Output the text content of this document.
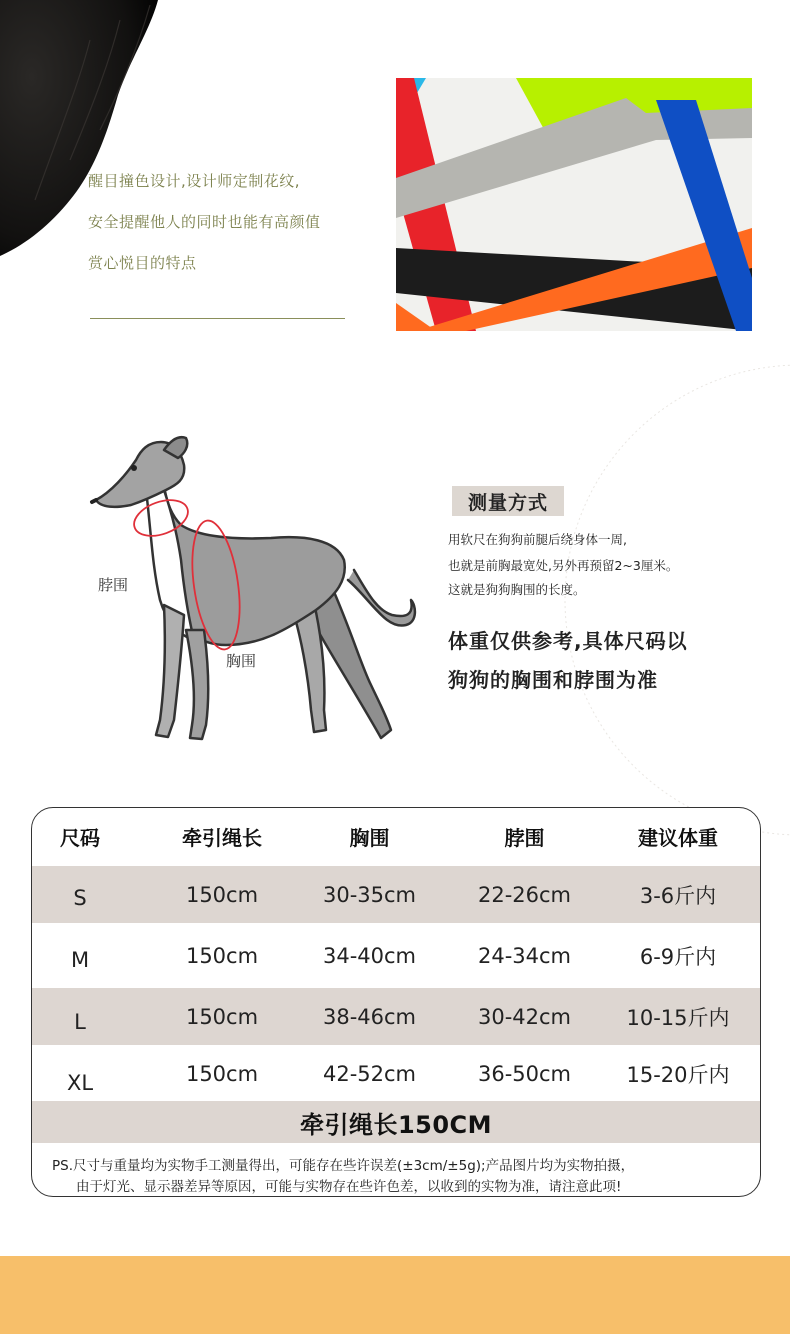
醒目撞色设计,设计师定制花纹,
安全提醒他人的同时也能有高颜值
赏心悦目的特点
脖围
胸围
测量方式
用软尺在狗狗前腿后绕身体一周,
也就是前胸最宽处,另外再预留2~3厘米。
这就是狗狗胸围的长度。
体重仅供参考,具体尺码以
狗狗的胸围和脖围为准
尺码	牵引绳长	胸围	脖围	建议体重
S	150cm	30-35cm	22-26cm	3-6斤内
M	150cm	34-40cm	24-34cm	6-9斤内
L	150cm	38-46cm	30-42cm	10-15斤内
XL	150cm	42-52cm	36-50cm	15-20斤内
牵引绳长150CM
PS.尺寸与重量均为实物手工测量得出，可能存在些许误差(±3cm/±5g);产品图片均为实物拍摄，
由于灯光、显示器差异等原因，可能与实物存在些许色差，以收到的实物为准，请注意此项!
